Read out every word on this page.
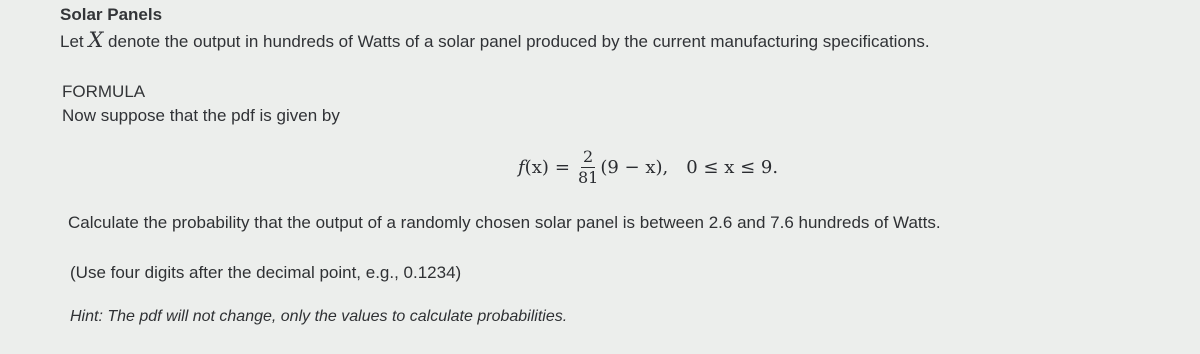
Solar Panels
Let X denote the output in hundreds of Watts of a solar panel produced by the current manufacturing specifications.
FORMULA
Now suppose that the pdf is given by
f $(x) = \frac{2}{81} (9 - x)$, 0 ≤ x ≤ 9.
Calculate the probability that the output of a randomly chosen solar panel is between 2.6 and 7.6 hundreds of Watts.
(Use four digits after the decimal point, e.g., 0.1234)
Hint: The pdf will not change, only the values to calculate probabilities.
